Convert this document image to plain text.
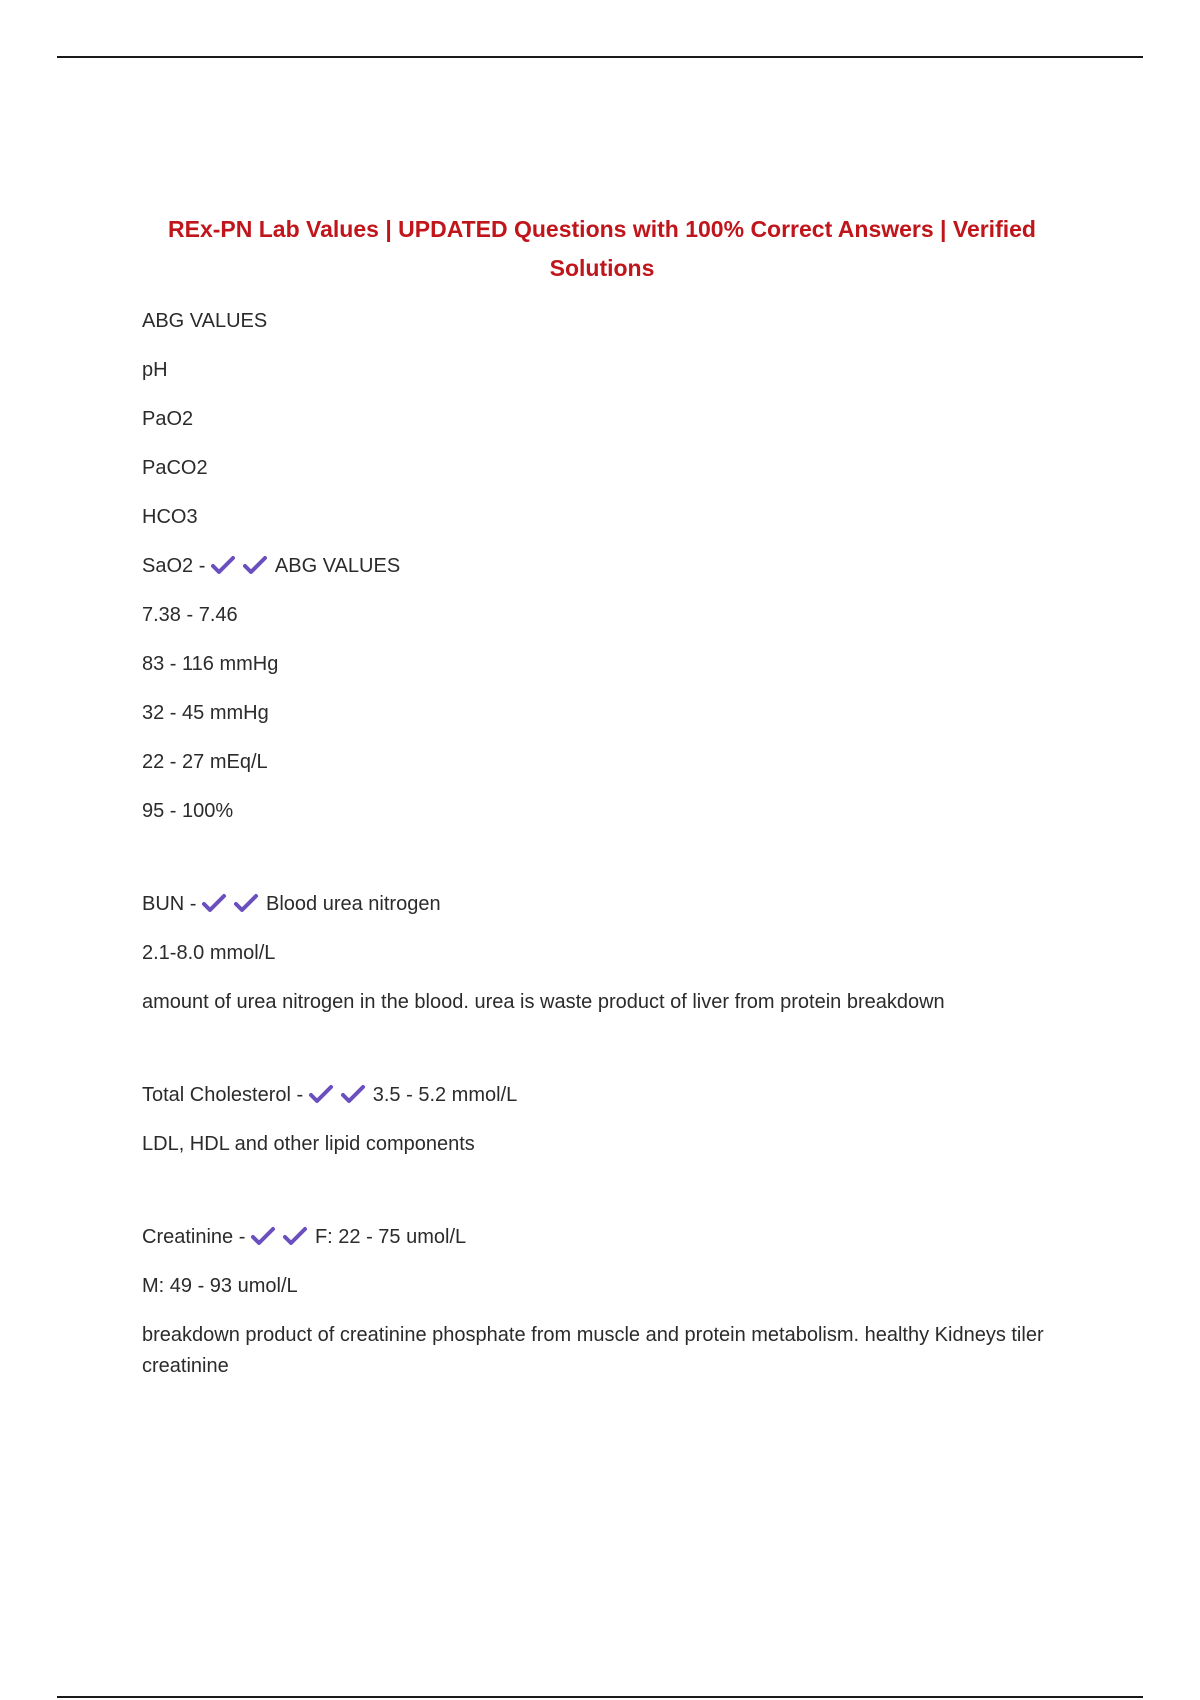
REx-PN Lab Values | UPDATED Questions with 100% Correct Answers | Verified Solutions
ABG VALUES
pH
PaO2
PaCO2
HCO3
SaO2 -	ABG VALUES
7.38 - 7.46
83 - 116 mmHg
32 - 45 mmHg
22 - 27 mEq/L
95 - 100%
BUN -	Blood urea nitrogen
2.1-8.0 mmol/L
amount of urea nitrogen in the blood. urea is waste product of liver from protein breakdown
Total Cholesterol -	3.5 - 5.2 mmol/L
LDL, HDL and other lipid components
Creatinine -	F: 22 - 75 umol/L
M: 49 - 93 umol/L
breakdown product of creatinine phosphate from muscle and protein metabolism. healthy Kidneys tiler creatinine
